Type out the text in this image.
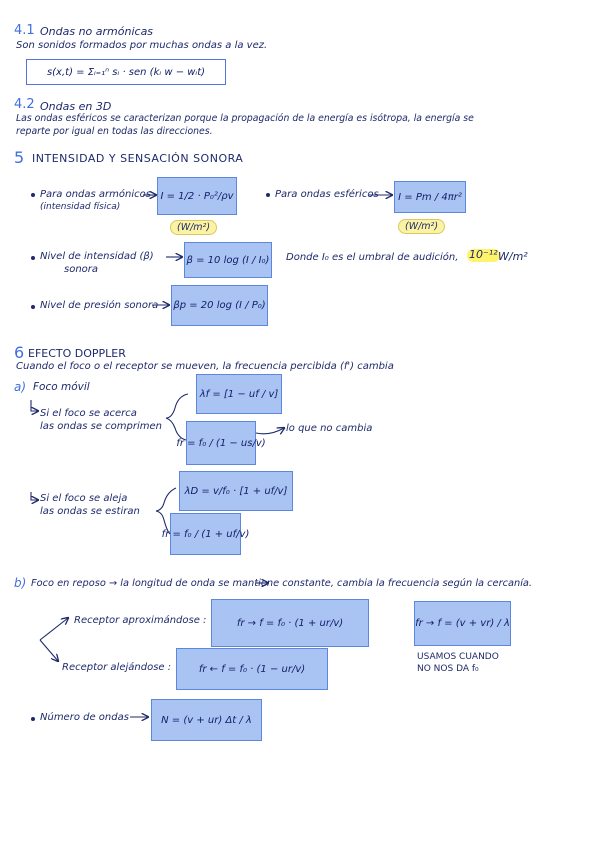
4.1 Ondas no armónicas
Son sonidos formados por muchas ondas a la vez.
s(x,t) = Σᵢ₌₁ⁿ sᵢ · sen (kᵢ w − wᵢt)
4.2 Ondas en 3D
Las ondas esféricos se caracterizan porque la propagación de la energía es isótropa, la energía se
reparte por igual en todas las direcciones.
5 INTENSIDAD Y SENSACIÓN SONORA
Para ondas armónicos
(intensidad física)
I = 1/2 · P₀²/ρv
(W/m²)
Para ondas esféricos	I = Pm / 4πr²
(W/m²)
Nivel de intensidad (β)
sonora
β = 10 log (I / I₀) Donde I₀ es el umbral de audición, 10⁻¹² W/m²
Nivel de presión sonora βp = 20 log (I / P₀)
6 EFECTO DOPPLER
Cuando el foco o el receptor se mueven, la frecuencia percibida (f') cambia
a) Foco móvil
Si el foco se acerca
las ondas se comprimen
λf = [1 − uf / v]
fr = f₀ / (1 − us/v)
lo que no cambia
Si el foco se aleja
las ondas se estiran
λD = v/f₀ · [1 + uf/v]
fr = f₀ / (1 + uf/v)
b) Foco en reposo → la longitud de onda se mantiene constante, cambia la frecuencia según la cercanía.
Receptor aproximándose :	fr → f = f₀ · (1 + ur/v)
Receptor alejándose :	fr ← f = f₀ · (1 − ur/v)
fr → f = (v + vr) / λ
USAMOS CUANDO
NO NOS DA f₀
Número de ondas	N = (v + ur) Δt / λ
